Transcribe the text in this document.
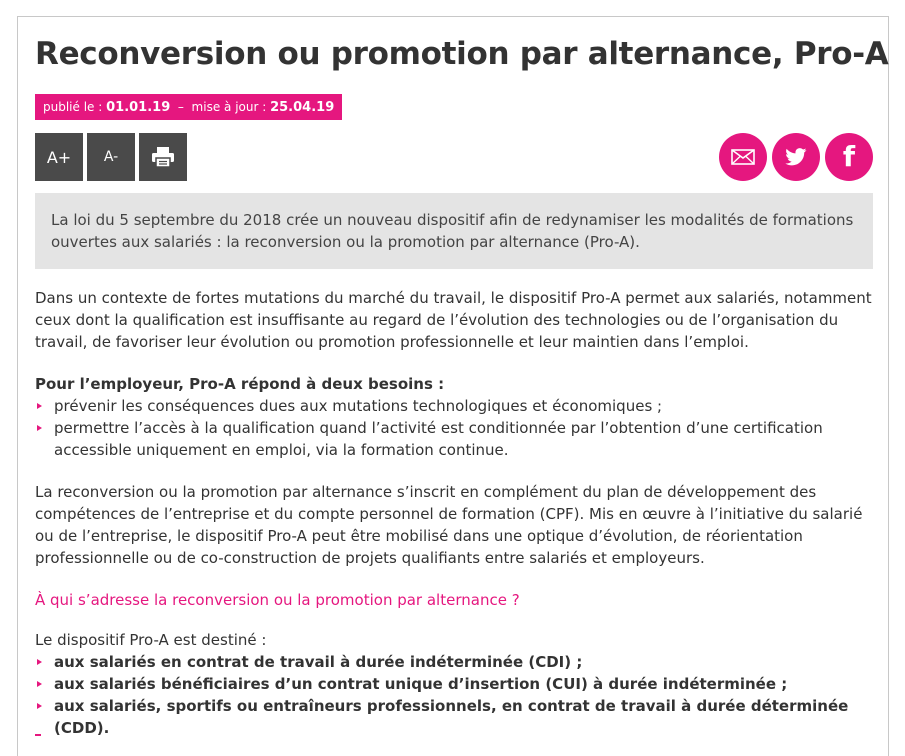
Reconversion ou promotion par alternance, Pro-A
publié le : 01.01.19 – mise à jour : 25.04.19
A+ A-	f

La loi du 5 septembre du 2018 crée un nouveau dispositif afin de redynamiser les modalités de formations ouvertes aux salariés : la reconversion ou la promotion par alternance (Pro-A).

Dans un contexte de fortes mutations du marché du travail, le dispositif Pro-A permet aux salariés, notamment ceux dont la qualification est insuffisante au regard de l’évolution des technologies ou de l’organisation du travail, de favoriser leur évolution ou promotion professionnelle et leur maintien dans l’emploi.

Pour l’employeur, Pro-A répond à deux besoins :

prévenir les conséquences dues aux mutations technologiques et économiques ;
permettre l’accès à la qualification quand l’activité est conditionnée par l’obtention d’une certification accessible uniquement en emploi, via la formation continue.

La reconversion ou la promotion par alternance s’inscrit en complément du plan de développement des compétences de l’entreprise et du compte personnel de formation (CPF). Mis en œuvre à l’initiative du salarié ou de l’entreprise, le dispositif Pro-A peut être mobilisé dans une optique d’évolution, de réorientation professionnelle ou de co-construction de projets qualifiants entre salariés et employeurs.

À qui s’adresse la reconversion ou la promotion par alternance ?

Le dispositif Pro-A est destiné :

aux salariés en contrat de travail à durée indéterminée (CDI) ;
aux salariés bénéficiaires d’un contrat unique d’insertion (CUI) à durée indéterminée ;
aux salariés, sportifs ou entraîneurs professionnels, en contrat de travail à durée déterminée (CDD).
